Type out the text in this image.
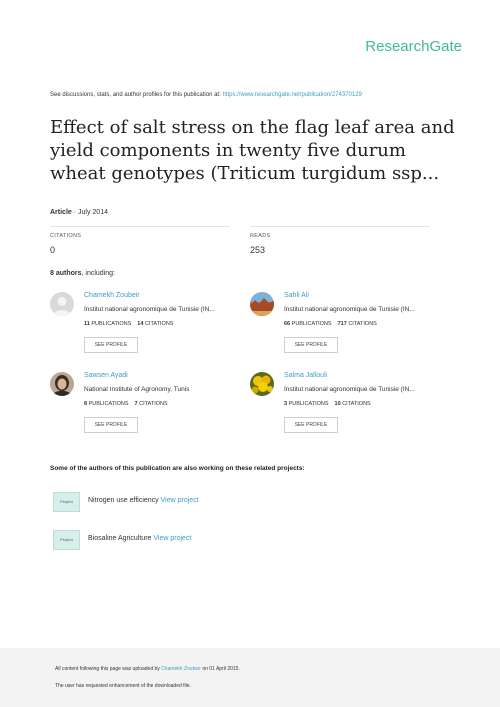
ResearchGate
See discussions, stats, and author profiles for this publication at: https://www.researchgate.net/publication/274370129
Effect of salt stress on the flag leaf area and yield components in twenty five durum wheat genotypes (Triticum turgidum ssp...
Article · July 2014
CITATIONS
0
READS
253
8 authors, including:
Chamekh Zoubeir
Institut national agronomique de Tunisie (IN...
11 PUBLICATIONS 14 CITATIONS
SEE PROFILE
Sahli Ali
Institut national agronomique de Tunisie (IN...
66 PUBLICATIONS 717 CITATIONS
SEE PROFILE
Sawsen Ayadi
National Institute of Agronomy, Tunis
8 PUBLICATIONS 7 CITATIONS
SEE PROFILE
Salma Jallouli
Institut national agronomique de Tunisie (IN...
3 PUBLICATIONS 10 CITATIONS
SEE PROFILE
Some of the authors of this publication are also working on these related projects:
Project	Nitrogen use efficiency View project
Project	Biosaline Agriculture View project
All content following this page was uploaded by Chamekh Zoubeir on 01 April 2015.
The user has requested enhancement of the downloaded file.
